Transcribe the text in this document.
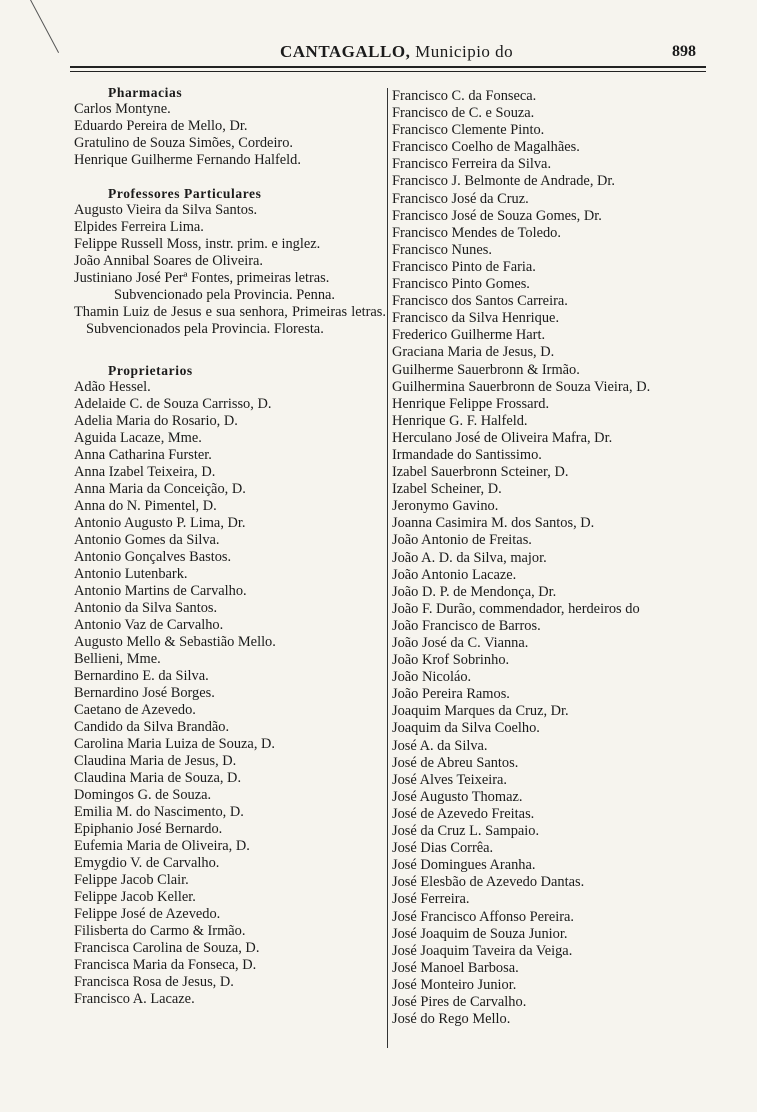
CANTAGALLO, Municipio do	898
Pharmacias
Carlos Montyne.
Eduardo Pereira de Mello, Dr.
Gratulino de Souza Simões, Cordeiro.
Henrique Guilherme Fernando Halfeld.
Professores Particulares
Augusto Vieira da Silva Santos.
Elpides Ferreira Lima.
Felippe Russell Moss, instr. prim. e inglez.
João Annibal Soares de Oliveira.
Justiniano José Perª Fontes, primeiras letras.
Subvencionado pela Provincia. Penna.
Thamin Luiz de Jesus e sua senhora, Primeiras letras. Subvencionados pela Provincia. Floresta.
Proprietarios
Adão Hessel.
Adelaide C. de Souza Carrisso, D.
Adelia Maria do Rosario, D.
Aguida Lacaze, Mme.
Anna Catharina Furster.
Anna Izabel Teixeira, D.
Anna Maria da Conceição, D.
Anna do N. Pimentel, D.
Antonio Augusto P. Lima, Dr.
Antonio Gomes da Silva.
Antonio Gonçalves Bastos.
Antonio Lutenbark.
Antonio Martins de Carvalho.
Antonio da Silva Santos.
Antonio Vaz de Carvalho.
Augusto Mello & Sebastião Mello.
Bellieni, Mme.
Bernardino E. da Silva.
Bernardino José Borges.
Caetano de Azevedo.
Candido da Silva Brandão.
Carolina Maria Luiza de Souza, D.
Claudina Maria de Jesus, D.
Claudina Maria de Souza, D.
Domingos G. de Souza.
Emilia M. do Nascimento, D.
Epiphanio José Bernardo.
Eufemia Maria de Oliveira, D.
Emygdio V. de Carvalho.
Felippe Jacob Clair.
Felippe Jacob Keller.
Felippe José de Azevedo.
Filisberta do Carmo & Irmão.
Francisca Carolina de Souza, D.
Francisca Maria da Fonseca, D.
Francisca Rosa de Jesus, D.
Francisco A. Lacaze.
Francisco C. da Fonseca.
Francisco de C. e Souza.
Francisco Clemente Pinto.
Francisco Coelho de Magalhães.
Francisco Ferreira da Silva.
Francisco J. Belmonte de Andrade, Dr.
Francisco José da Cruz.
Francisco José de Souza Gomes, Dr.
Francisco Mendes de Toledo.
Francisco Nunes.
Francisco Pinto de Faria.
Francisco Pinto Gomes.
Francisco dos Santos Carreira.
Francisco da Silva Henrique.
Frederico Guilherme Hart.
Graciana Maria de Jesus, D.
Guilherme Sauerbronn & Irmão.
Guilhermina Sauerbronn de Souza Vieira, D.
Henrique Felippe Frossard.
Henrique G. F. Halfeld.
Herculano José de Oliveira Mafra, Dr.
Irmandade do Santissimo.
Izabel Sauerbronn Scteiner, D.
Izabel Scheiner, D.
Jeronymo Gavino.
Joanna Casimira M. dos Santos, D.
João Antonio de Freitas.
João A. D. da Silva, major.
João Antonio Lacaze.
João D. P. de Mendonça, Dr.
João F. Durão, commendador, herdeiros do
João Francisco de Barros.
João José da C. Vianna.
João Krof Sobrinho.
João Nicoláo.
João Pereira Ramos.
Joaquim Marques da Cruz, Dr.
Joaquim da Silva Coelho.
José A. da Silva.
José de Abreu Santos.
José Alves Teixeira.
José Augusto Thomaz.
José de Azevedo Freitas.
José da Cruz L. Sampaio.
José Dias Corrêa.
José Domingues Aranha.
José Elesbão de Azevedo Dantas.
José Ferreira.
José Francisco Affonso Pereira.
José Joaquim de Souza Junior.
José Joaquim Taveira da Veiga.
José Manoel Barbosa.
José Monteiro Junior.
José Pires de Carvalho.
José do Rego Mello.
